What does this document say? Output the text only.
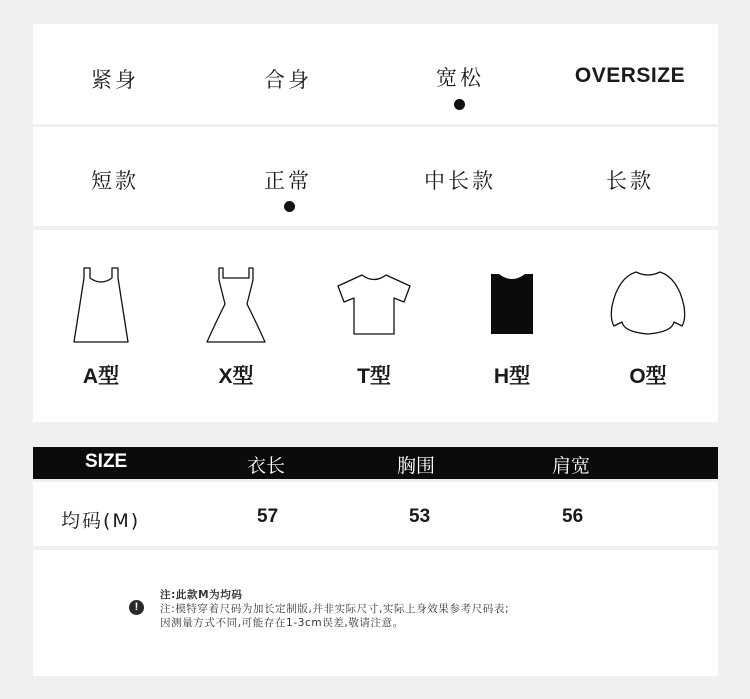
紧身	合身	宽松	OVERSIZE
短款	正常	中长款	长款
A型	X型	T型	H型	O型
SIZE	衣长	胸围	肩宽
均码(M)	57	53	56
!
注:此款M为均码
注:模特穿着尺码为加长定制版,并非实际尺寸,实际上身效果参考尺码表;
因测量方式不同,可能存在1-3cm误差,敬请注意。
